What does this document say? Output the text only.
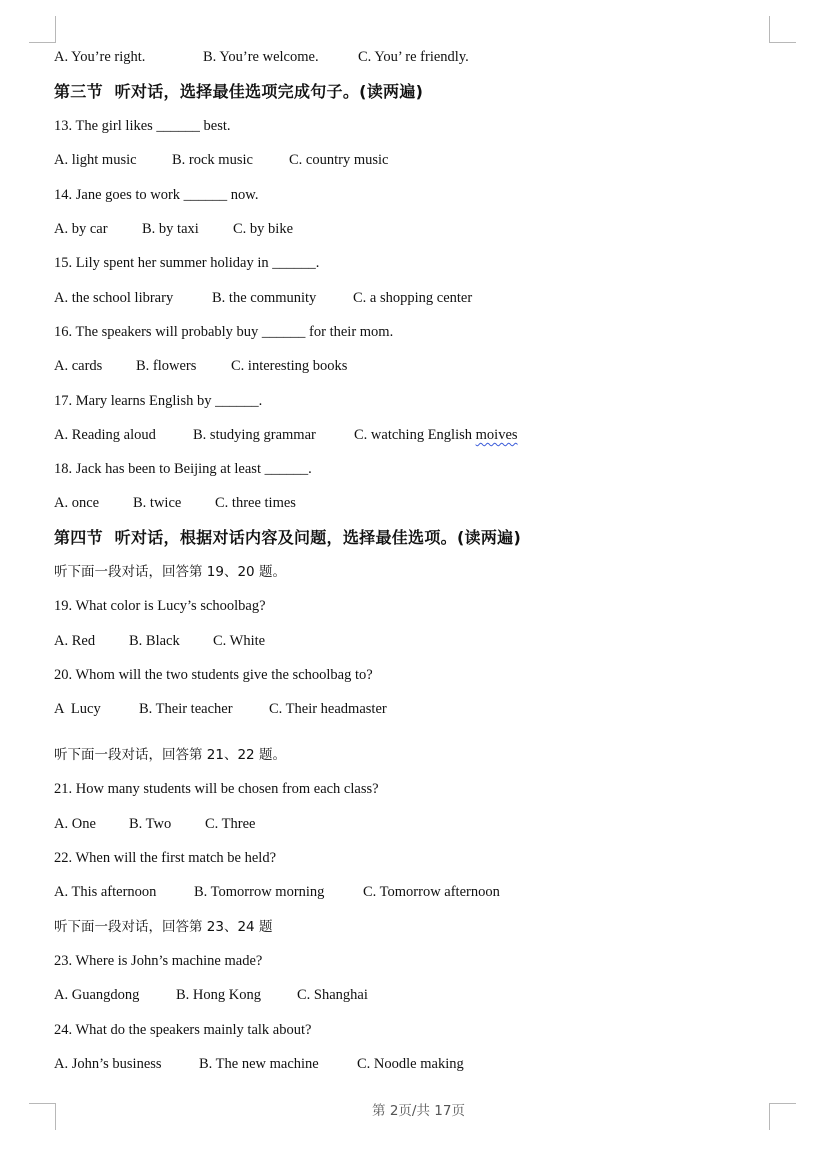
A. You’re right.

	B. You’re welcome.

	C. You’ re friendly.

第三节  听对话，选择最佳选项完成句子。(读两遍)
13. The girl likes ______ best.

A. light music

B. rock music

C. country music

14. Jane goes to work ______ now.

A. by car

B. by taxi

C. by bike

15. Lily spent her summer holiday in ______.

A. the school library

	B. the community

	C. a shopping center

16. The speakers will probably buy ______ for their mom.

A. cards

B. flowers

C. interesting books

17. Mary learns English by ______.

A. Reading aloud

	B. studying grammar

	C. watching English moives

18. Jack has been to Beijing at least ______.

A. once

B. twice

C. three times

第四节  听对话，根据对话内容及问题，选择最佳选项。(读两遍)
听下面一段对话，回答第 19、20 题。
19. What color is Lucy’s schoolbag?

A. Red

B. Black

C. White

20. Whom will the two students give the schoolbag to?

A  Lucy

	B. Their teacher

	C. Their headmaster

听下面一段对话，回答第 21、22 题。
21. How many students will be chosen from each class?

A. One

B. Two

C. Three

22. When will the first match be held?

A. This afternoon

	B. Tomorrow morning

	C. Tomorrow afternoon

听下面一段对话，回答第 23、24 题
23. Where is John’s machine made?

A. Guangdong

	B. Hong Kong

C. Shanghai

24. What do the speakers mainly talk about?

A. John’s business

	B. The new machine

	C. Noodle making

第 2页/共 17页
